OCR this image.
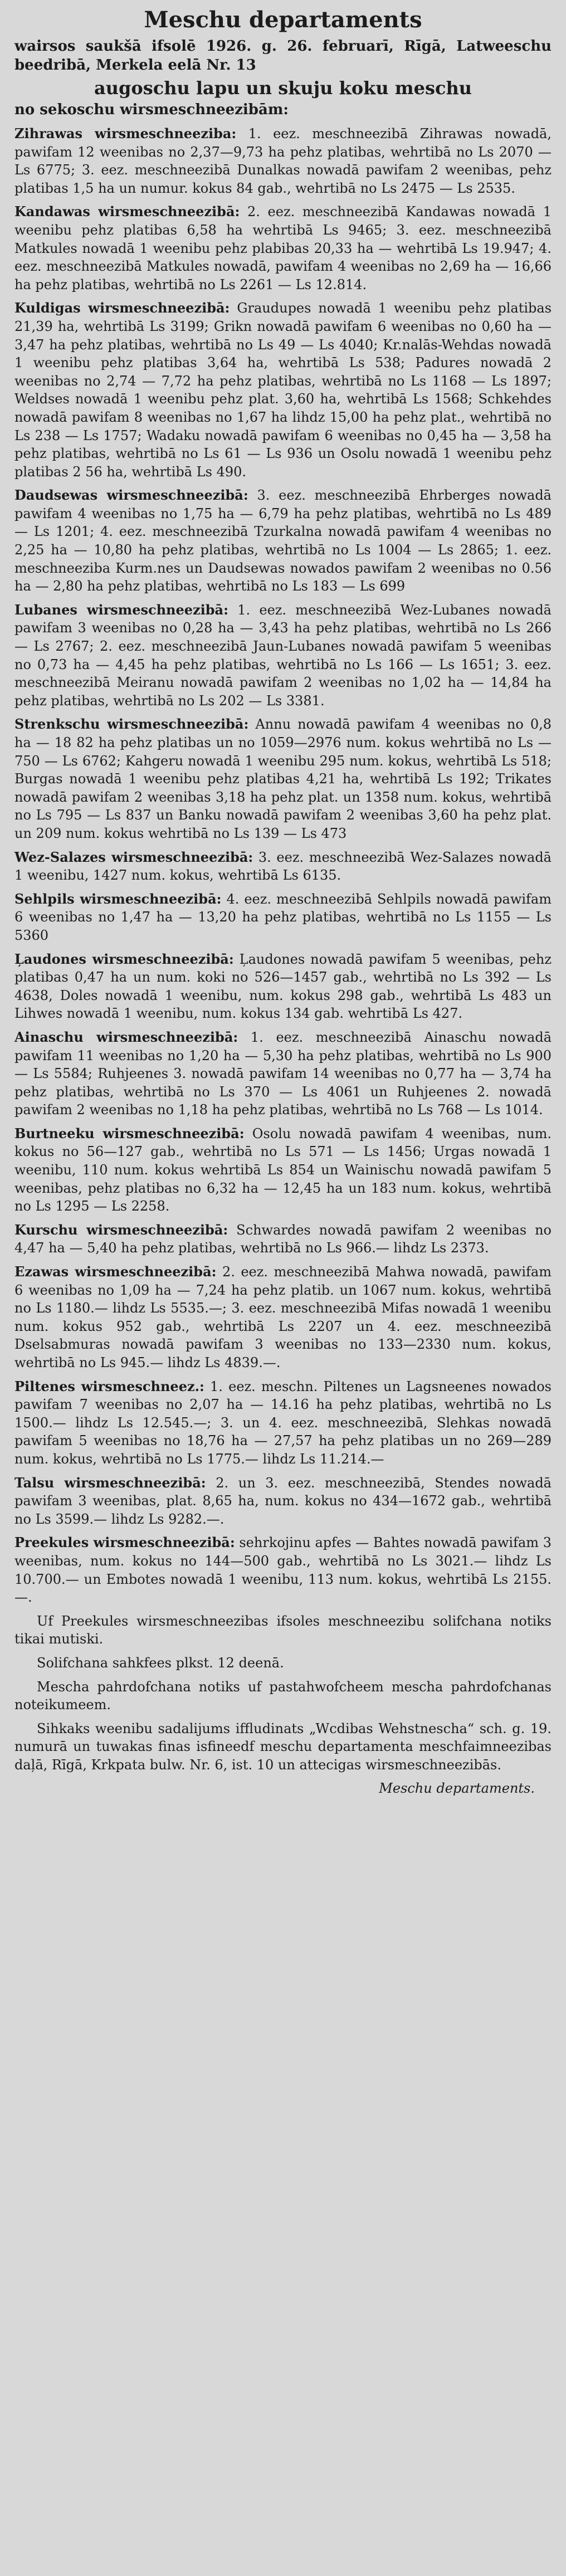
Meschu departaments

wairsos saukšā ifsolē 1926. g. 26. februarī, Rīgā, Latweeschu beedribā, Merkela eelā Nr. 13

augoschu lapu un skuju koku meschu

no sekoschu wirsmeschneezibām:

Zihrawas wirsmeschneeziba: 1. eez. meschneezibā Zihrawas nowadā, pawifam 12 weenibas no 2,37—9,73 ha pehz platibas, wehrtibā no Ls 2070 — Ls 6775; 3. eez. meschneezibā Dunalkas nowadā pawifam 2 weenibas, pehz platibas 1,5 ha un numur. kokus 84 gab., wehrtibā no Ls 2475 — Ls 2535.

Kandawas wirsmeschneezibā: 2. eez. meschneezibā Kandawas nowadā 1 weenibu pehz platibas 6,58 ha wehrtibā Ls 9465; 3. eez. meschneezibā Matkules nowadā 1 weenibu pehz plabibas 20,33 ha — wehrtibā Ls 19.947; 4. eez. meschneezibā Matkules nowadā, pawifam 4 weenibas no 2,69 ha — 16,66 ha pehz platibas, wehrtibā no Ls 2261 — Ls 12.814.

Kuldigas wirsmeschneezibā: Graudupes nowadā 1 weenibu pehz platibas 21,39 ha, wehrtibā Ls 3199; Grikn nowadā pawifam 6 weenibas no 0,60 ha — 3,47 ha pehz platibas, wehrtibā no Ls 49 — Ls 4040; Kr.nalās-Wehdas nowadā 1 weenibu pehz platibas 3,64 ha, wehrtibā Ls 538; Padures nowadā 2 weenibas no 2,74 — 7,72 ha pehz platibas, wehrtibā no Ls 1168 — Ls 1897; Weldses nowadā 1 weenibu pehz plat. 3,60 ha, wehrtibā Ls 1568; Schkehdes nowadā pawifam 8 weenibas no 1,67 ha lihdz 15,00 ha pehz plat., wehrtibā no Ls 238 — Ls 1757; Wadaku nowadā pawifam 6 weenibas no 0,45 ha — 3,58 ha pehz platibas, wehrtibā no Ls 61 — Ls 936 un Osolu nowadā 1 weenibu pehz platibas 2 56 ha, wehrtibā Ls 490.

Daudsewas wirsmeschneezibā: 3. eez. meschneezibā Ehrberges nowadā pawifam 4 weenibas no 1,75 ha — 6,79 ha pehz platibas, wehrtibā no Ls 489 — Ls 1201; 4. eez. meschneezibā Tzurkalna nowadā pawifam 4 weenibas no 2,25 ha — 10,80 ha pehz platibas, wehrtibā no Ls 1004 — Ls 2865; 1. eez. meschneeziba Kurm.nes un Daudsewas nowados pawifam 2 weenibas no 0.56 ha — 2,80 ha pehz platibas, wehrtibā no Ls 183 — Ls 699

Lubanes wirsmeschneezibā: 1. eez. meschneezibā Wez-Lubanes nowadā pawifam 3 weenibas no 0,28 ha — 3,43 ha pehz platibas, wehrtibā no Ls 266 — Ls 2767; 2. eez. meschneezibā Jaun-Lubanes nowadā pawifam 5 weenibas no 0,73 ha — 4,45 ha pehz platibas, wehrtibā no Ls 166 — Ls 1651; 3. eez. meschneezibā Meiranu nowadā pawifam 2 weenibas no 1,02 ha — 14,84 ha pehz platibas, wehrtibā no Ls 202 — Ls 3381.

Strenkschu wirsmeschneezibā: Annu nowadā pawifam 4 weenibas no 0,8 ha — 18 82 ha pehz platibas un no 1059—2976 num. kokus wehrtibā no Ls — 750 — Ls 6762; Kahgeru nowadā 1 weenibu 295 num. kokus, wehrtibā Ls 518; Burgas nowadā 1 weenibu pehz platibas 4,21 ha, wehrtibā Ls 192; Trikates nowadā pawifam 2 weenibas 3,18 ha pehz plat. un 1358 num. kokus, wehrtibā no Ls 795 — Ls 837 un Banku nowadā pawifam 2 weenibas 3,60 ha pehz plat. un 209 num. kokus wehrtibā no Ls 139 — Ls 473

Wez-Salazes wirsmeschneezibā: 3. eez. meschneezibā Wez-Salazes nowadā 1 weenibu, 1427 num. kokus, wehrtibā Ls 6135.

Sehlpils wirsmeschneezibā: 4. eez. meschneezibā Sehlpils nowadā pawifam 6 weenibas no 1,47 ha — 13,20 ha pehz platibas, wehrtibā no Ls 1155 — Ls 5360

Ļaudones wirsmeschneezibā: Ļaudones nowadā pawifam 5 weenibas, pehz platibas 0,47 ha un num. koki no 526—1457 gab., wehrtibā no Ls 392 — Ls 4638, Doles nowadā 1 weenibu, num. kokus 298 gab., wehrtibā Ls 483 un Lihwes nowadā 1 weenibu, num. kokus 134 gab. wehrtibā Ls 427.

Ainaschu wirsmeschneezibā: 1. eez. meschneezibā Ainaschu nowadā pawifam 11 weenibas no 1,20 ha — 5,30 ha pehz platibas, wehrtibā no Ls 900 — Ls 5584; Ruhjeenes 3. nowadā pawifam 14 weenibas no 0,77 ha — 3,74 ha pehz platibas, wehrtibā no Ls 370 — Ls 4061 un Ruhjeenes 2. nowadā pawifam 2 weenibas no 1,18 ha pehz platibas, wehrtibā no Ls 768 — Ls 1014.

Burtneeku wirsmeschneezibā: Osolu nowadā pawifam 4 weenibas, num. kokus no 56—127 gab., wehrtibā no Ls 571 — Ls 1456; Urgas nowadā 1 weenibu, 110 num. kokus wehrtibā Ls 854 un Wainischu nowadā pawifam 5 weenibas, pehz platibas no 6,32 ha — 12,45 ha un 183 num. kokus, wehrtibā no Ls 1295 — Ls 2258.

Kurschu wirsmeschneezibā: Schwardes nowadā pawifam 2 weenibas no 4,47 ha — 5,40 ha pehz platibas, wehrtibā no Ls 966.— lihdz Ls 2373.

Ezawas wirsmeschneezibā: 2. eez. meschneezibā Mahwa nowadā, pawifam 6 weenibas no 1,09 ha — 7,24 ha pehz platib. un 1067 num. kokus, wehrtibā no Ls 1180.— lihdz Ls 5535.—; 3. eez. meschneezibā Mifas nowadā 1 weenibu num. kokus 952 gab., wehrtibā Ls 2207 un 4. eez. meschneezibā Dselsabmuras nowadā pawifam 3 weenibas no 133—2330 num. kokus, wehrtibā no Ls 945.— lihdz Ls 4839.—.

Piltenes wirsmeschneez.: 1. eez. meschn. Piltenes un Lagsneenes nowados pawifam 7 weenibas no 2,07 ha — 14.16 ha pehz platibas, wehrtibā no Ls 1500.— lihdz Ls 12.545.—; 3. un 4. eez. meschneezibā, Slehkas nowadā pawifam 5 weenibas no 18,76 ha — 27,57 ha pehz platibas un no 269—289 num. kokus, wehrtibā no Ls 1775.— lihdz Ls 11.214.—

Talsu wirsmeschneezibā: 2. un 3. eez. meschneezibā, Stendes nowadā pawifam 3 weenibas, plat. 8,65 ha, num. kokus no 434—1672 gab., wehrtibā no Ls 3599.— lihdz Ls 9282.—.

Preekules wirsmeschneezibā: sehrkojinu apfes — Bahtes nowadā pawifam 3 weenibas, num. kokus no 144—500 gab., wehrtibā no Ls 3021.— lihdz Ls 10.700.— un Embotes nowadā 1 weenibu, 113 num. kokus, wehrtibā Ls 2155.—.

Uf Preekules wirsmeschneezibas ifsoles meschneezibu solifchana notiks tikai mutiski.

Solifchana sahkfees plkst. 12 deenā.

Mescha pahrdofchana notiks uf pastahwofcheem mescha pahrdofchanas noteikumeem.

Sihkaks weenibu sadalijums iffludinats „Wcdibas Wehstnescha“ sch. g. 19. numurā un tuwakas finas isfineedf meschu departamenta meschfaimneezibas daļā, Rīgā, Krkpata bulw. Nr. 6, ist. 10 un attecigas wirsmeschneezibās.

Meschu departaments.
